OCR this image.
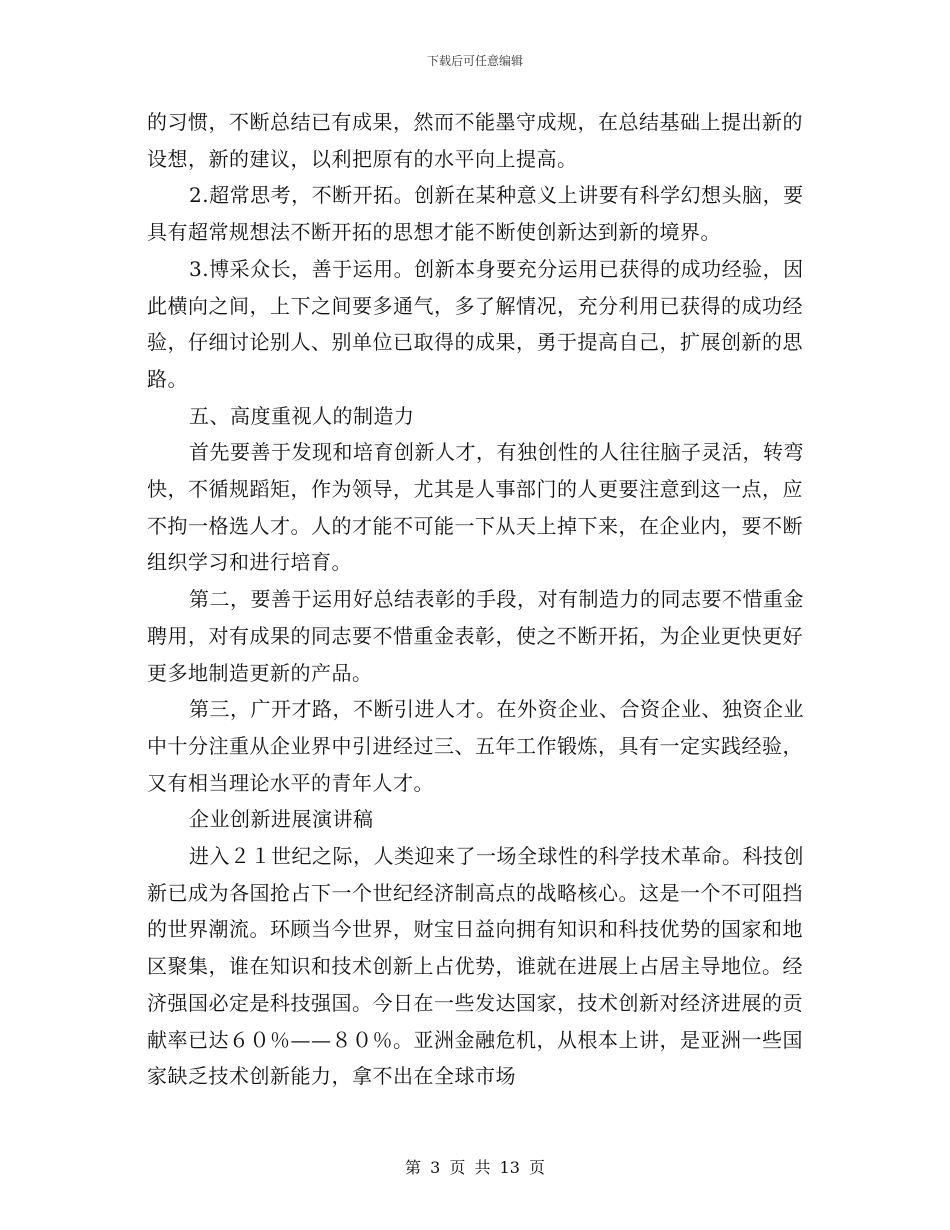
下载后可任意编辑

的习惯，不断总结已有成果，然而不能墨守成规，在总结基础上提出新的设想，新的建议，以利把原有的水平向上提高。

2.超常思考，不断开拓。创新在某种意义上讲要有科学幻想头脑，要具有超常规想法不断开拓的思想才能不断使创新达到新的境界。

3.博采众长，善于运用。创新本身要充分运用已获得的成功经验，因此横向之间，上下之间要多通气，多了解情况，充分利用已获得的成功经验，仔细讨论别人、别单位已取得的成果，勇于提高自己，扩展创新的思路。

五、高度重视人的制造力

首先要善于发现和培育创新人才，有独创性的人往往脑子灵活，转弯快，不循规蹈矩，作为领导，尤其是人事部门的人更要注意到这一点，应不拘一格选人才。人的才能不可能一下从天上掉下来，在企业内，要不断组织学习和进行培育。

第二，要善于运用好总结表彰的手段，对有制造力的同志要不惜重金聘用，对有成果的同志要不惜重金表彰，使之不断开拓，为企业更快更好更多地制造更新的产品。

第三，广开才路，不断引进人才。在外资企业、合资企业、独资企业中十分注重从企业界中引进经过三、五年工作锻炼，具有一定实践经验，又有相当理论水平的青年人才。

企业创新进展演讲稿

进入２１世纪之际，人类迎来了一场全球性的科学技术革命。科技创新已成为各国抢占下一个世纪经济制高点的战略核心。这是一个不可阻挡的世界潮流。环顾当今世界，财宝日益向拥有知识和科技优势的国家和地区聚集，谁在知识和技术创新上占优势，谁就在进展上占居主导地位。经济强国必定是科技强国。今日在一些发达国家，技术创新对经济进展的贡献率已达６０％——８０％。亚洲金融危机，从根本上讲，是亚洲一些国家缺乏技术创新能力，拿不出在全球市场

第 3 页 共 13 页
